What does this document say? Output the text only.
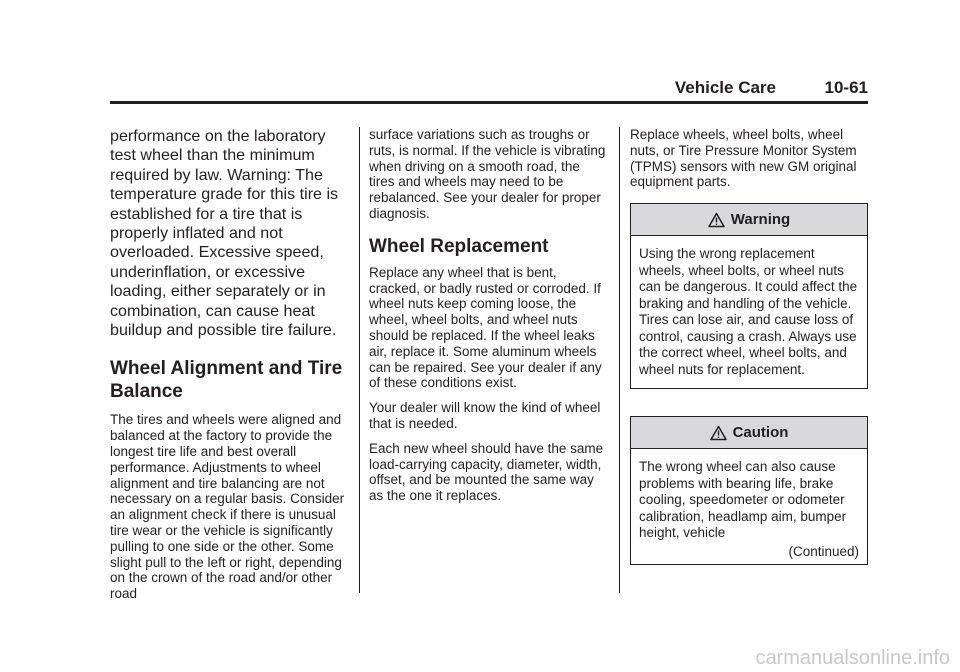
Vehicle Care	10-61

performance on the laboratory test wheel than the minimum required by law. Warning: The temperature grade for this tire is established for a tire that is properly inflated and not overloaded. Excessive speed, underinflation, or excessive loading, either separately or in combination, can cause heat buildup and possible tire failure.

Wheel Alignment and Tire Balance

The tires and wheels were aligned and balanced at the factory to provide the longest tire life and best overall performance. Adjustments to wheel alignment and tire balancing are not necessary on a regular basis. Consider an alignment check if there is unusual tire wear or the vehicle is significantly pulling to one side or the other. Some slight pull to the left or right, depending on the crown of the road and/or other road

surface variations such as troughs or ruts, is normal. If the vehicle is vibrating when driving on a smooth road, the tires and wheels may need to be rebalanced. See your dealer for proper diagnosis.

Wheel Replacement

Replace any wheel that is bent, cracked, or badly rusted or corroded. If wheel nuts keep coming loose, the wheel, wheel bolts, and wheel nuts should be replaced. If the wheel leaks air, replace it. Some aluminum wheels can be repaired. See your dealer if any of these conditions exist.

Your dealer will know the kind of wheel that is needed.

Each new wheel should have the same load-carrying capacity, diameter, width, offset, and be mounted the same way as the one it replaces.

Replace wheels, wheel bolts, wheel nuts, or Tire Pressure Monitor System (TPMS) sensors with new GM original equipment parts.

Warning
Using the wrong replacement wheels, wheel bolts, or wheel nuts can be dangerous. It could affect the braking and handling of the vehicle. Tires can lose air, and cause loss of control, causing a crash. Always use the correct wheel, wheel bolts, and wheel nuts for replacement.
Caution
The wrong wheel can also cause problems with bearing life, brake cooling, speedometer or odometer calibration, headlamp aim, bumper height, vehicle
(Continued)
carmanualsonline.info
